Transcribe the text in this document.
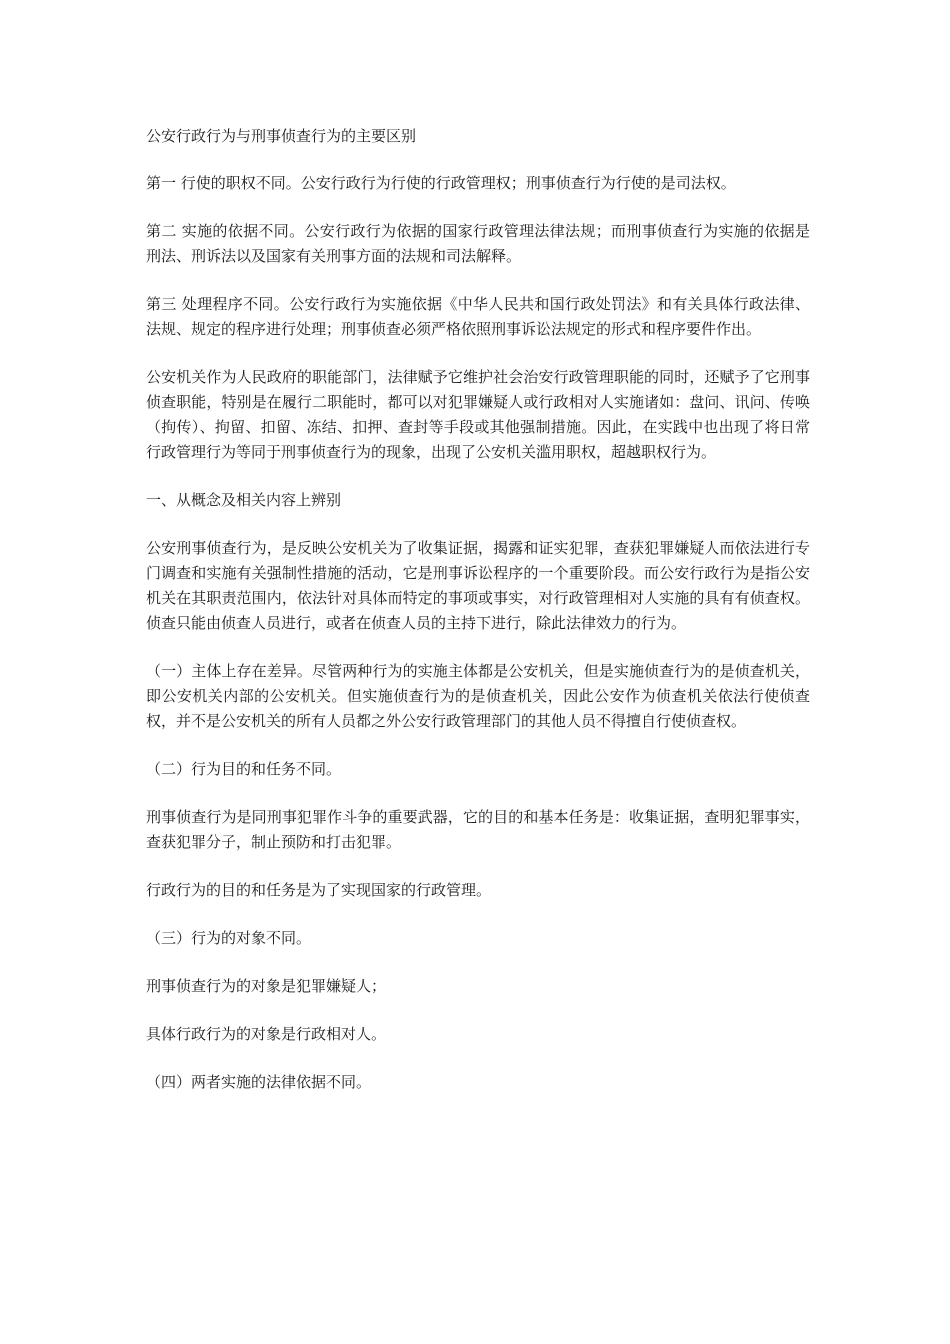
公安行政行为与刑事侦查行为的主要区别

第一 行使的职权不同。公安行政行为行使的行政管理权；刑事侦查行为行使的是司法权。

第二 实施的依据不同。公安行政行为依据的国家行政管理法律法规；而刑事侦查行为实施的依据是刑法、刑诉法以及国家有关刑事方面的法规和司法解释。

第三 处理程序不同。公安行政行为实施依据《中华人民共和国行政处罚法》和有关具体行政法律、法规、规定的程序进行处理；刑事侦查必须严格依照刑事诉讼法规定的形式和程序要件作出。

公安机关作为人民政府的职能部门，法律赋予它维护社会治安行政管理职能的同时，还赋予了它刑事侦查职能，特别是在履行二职能时，都可以对犯罪嫌疑人或行政相对人实施诸如：盘问、讯问、传唤（拘传）、拘留、扣留、冻结、扣押、查封等手段或其他强制措施。因此，在实践中也出现了将日常行政管理行为等同于刑事侦查行为的现象，出现了公安机关滥用职权，超越职权行为。

一、从概念及相关内容上辨别

公安刑事侦查行为，是反映公安机关为了收集证据，揭露和证实犯罪，查获犯罪嫌疑人而依法进行专门调查和实施有关强制性措施的活动，它是刑事诉讼程序的一个重要阶段。而公安行政行为是指公安机关在其职责范围内，依法针对具体而特定的事项或事实，对行政管理相对人实施的具有有侦查权。侦查只能由侦查人员进行，或者在侦查人员的主持下进行，除此法律效力的行为。

（一）主体上存在差异。尽管两种行为的实施主体都是公安机关，但是实施侦查行为的是侦查机关，即公安机关内部的公安机关。但实施侦查行为的是侦查机关，因此公安作为侦查机关依法行使侦查权，并不是公安机关的所有人员都之外公安行政管理部门的其他人员不得擅自行使侦查权。

（二）行为目的和任务不同。

刑事侦查行为是同刑事犯罪作斗争的重要武器，它的目的和基本任务是：收集证据，查明犯罪事实，查获犯罪分子，制止预防和打击犯罪。

行政行为的目的和任务是为了实现国家的行政管理。

（三）行为的对象不同。

刑事侦查行为的对象是犯罪嫌疑人；

具体行政行为的对象是行政相对人。

（四）两者实施的法律依据不同。
